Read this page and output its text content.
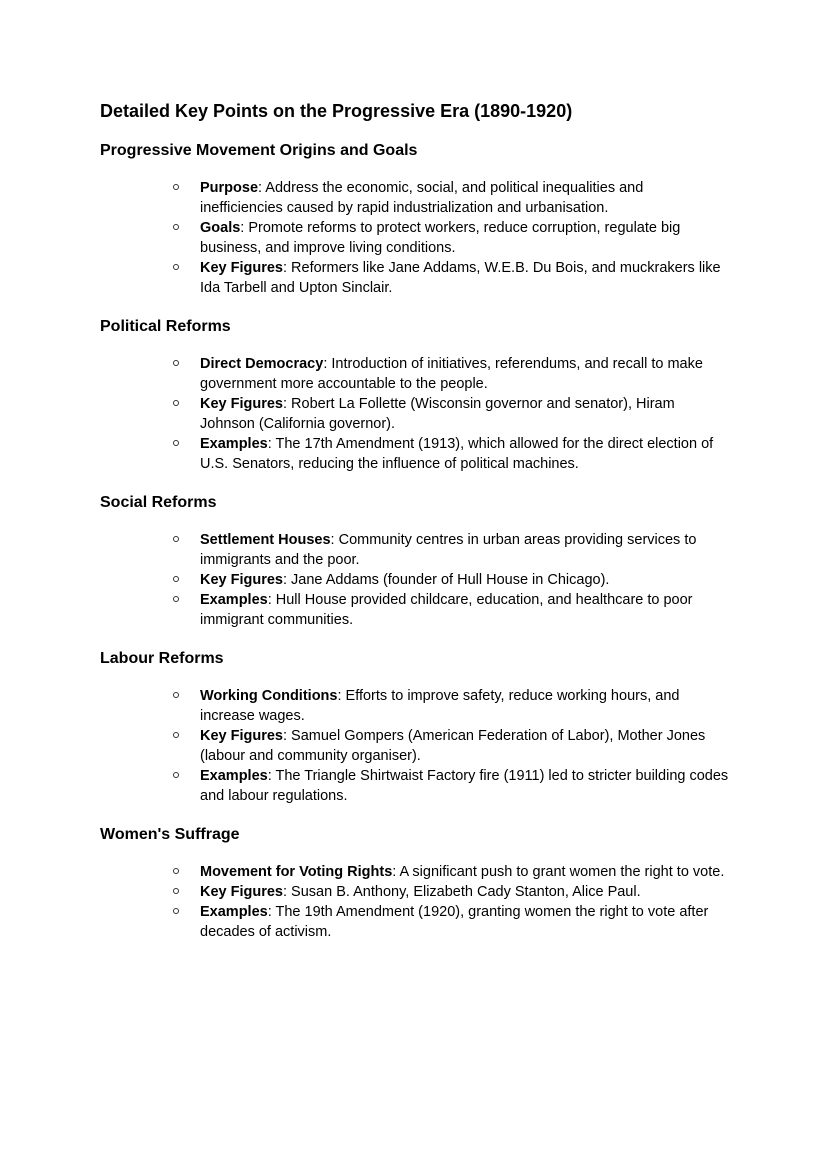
Detailed Key Points on the Progressive Era (1890-1920)
Progressive Movement Origins and Goals
Purpose: Address the economic, social, and political inequalities and inefficiencies caused by rapid industrialization and urbanisation.
Goals: Promote reforms to protect workers, reduce corruption, regulate big business, and improve living conditions.
Key Figures: Reformers like Jane Addams, W.E.B. Du Bois, and muckrakers like Ida Tarbell and Upton Sinclair.
Political Reforms
Direct Democracy: Introduction of initiatives, referendums, and recall to make government more accountable to the people.
Key Figures: Robert La Follette (Wisconsin governor and senator), Hiram Johnson (California governor).
Examples: The 17th Amendment (1913), which allowed for the direct election of U.S. Senators, reducing the influence of political machines.
Social Reforms
Settlement Houses: Community centres in urban areas providing services to immigrants and the poor.
Key Figures: Jane Addams (founder of Hull House in Chicago).
Examples: Hull House provided childcare, education, and healthcare to poor immigrant communities.
Labour Reforms
Working Conditions: Efforts to improve safety, reduce working hours, and increase wages.
Key Figures: Samuel Gompers (American Federation of Labor), Mother Jones (labour and community organiser).
Examples: The Triangle Shirtwaist Factory fire (1911) led to stricter building codes and labour regulations.
Women's Suffrage
Movement for Voting Rights: A significant push to grant women the right to vote.
Key Figures: Susan B. Anthony, Elizabeth Cady Stanton, Alice Paul.
Examples: The 19th Amendment (1920), granting women the right to vote after decades of activism.
